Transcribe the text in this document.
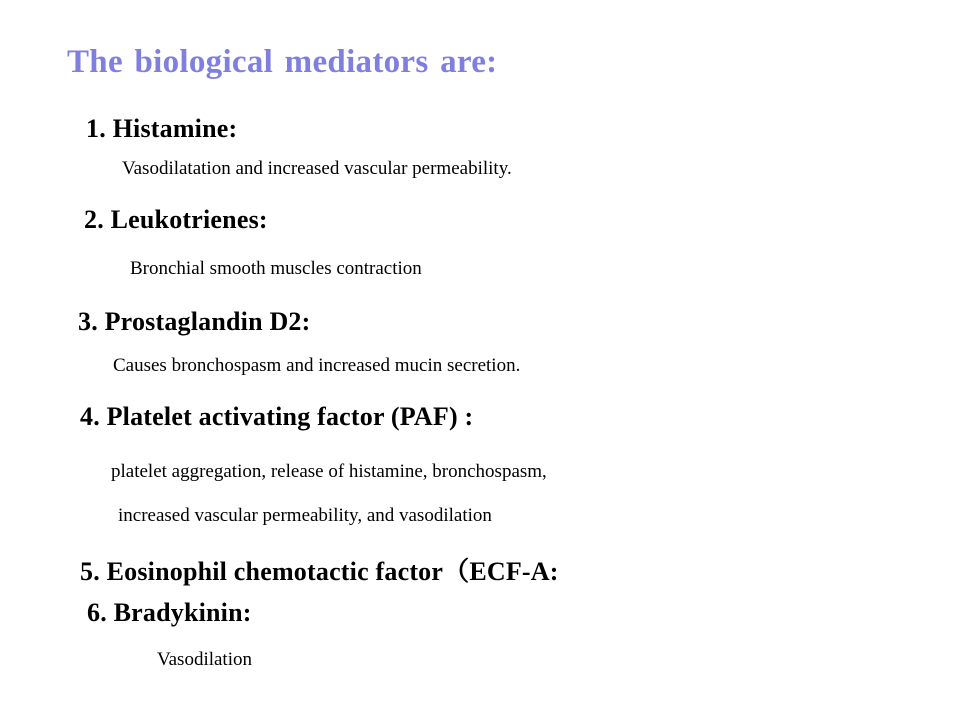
The biological mediators are:
1. Histamine:
Vasodilatation and increased vascular permeability.
2. Leukotrienes:
Bronchial smooth muscles contraction
3. Prostaglandin D2:
Causes bronchospasm and increased mucin secretion.
4. Platelet activating factor (PAF) :
platelet aggregation, release of histamine, bronchospasm,
increased vascular permeability, and vasodilation
5. Eosinophil chemotactic factor（ECF-A:
6. Bradykinin:
Vasodilation
